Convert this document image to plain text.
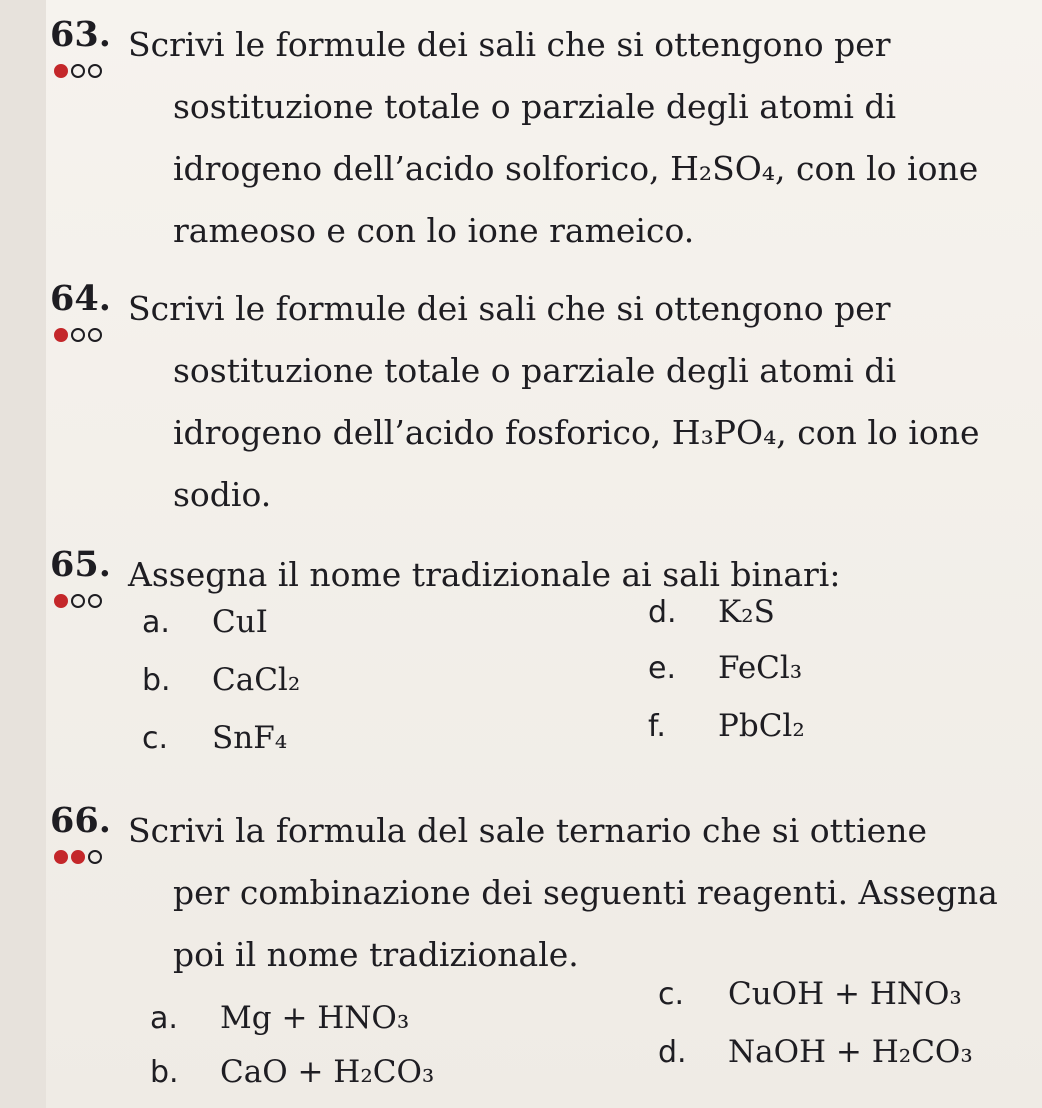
63. Scrivi le formule dei sali che si ottengono per
sostituzione totale o parziale degli atomi di
idrogeno dell’acido solforico, H₂SO₄, con lo ione
rameoso e con lo ione rameico.
64. Scrivi le formule dei sali che si ottengono per
sostituzione totale o parziale degli atomi di
idrogeno dell’acido fosforico, H₃PO₄, con lo ione
sodio.
65. Assegna il nome tradizionale ai sali binari:
a. CuI
b. CaCl₂
c. SnF₄
d. K₂S
e. FeCl₃
f. PbCl₂
66. Scrivi la formula del sale ternario che si ottiene
per combinazione dei seguenti reagenti. Assegna
poi il nome tradizionale.
a. Mg + HNO₃
b. CaO + H₂CO₃
c. CuOH + HNO₃
d. NaOH + H₂CO₃
